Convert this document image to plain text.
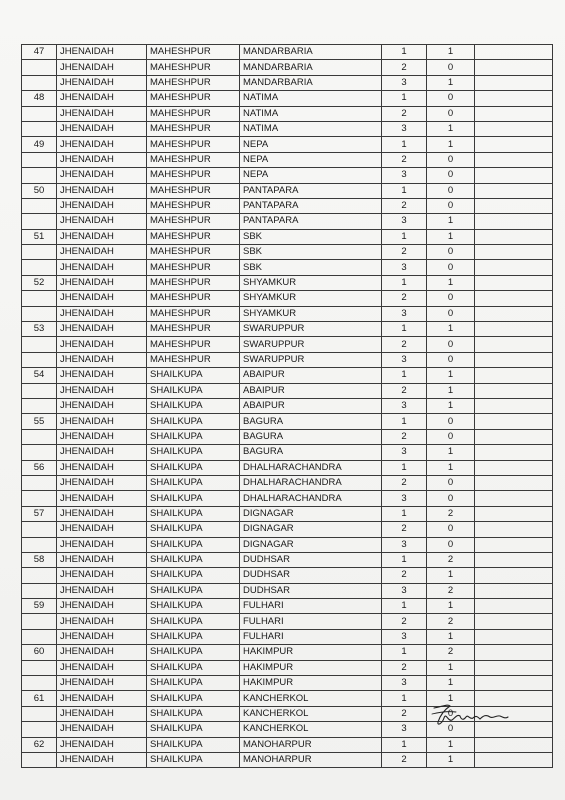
47	JHENAIDAH	MAHESHPUR	MANDARBARIA	1	1	
	JHENAIDAH	MAHESHPUR	MANDARBARIA	2	0	
	JHENAIDAH	MAHESHPUR	MANDARBARIA	3	1	
48	JHENAIDAH	MAHESHPUR	NATIMA	1	0	
	JHENAIDAH	MAHESHPUR	NATIMA	2	0	
	JHENAIDAH	MAHESHPUR	NATIMA	3	1	
49	JHENAIDAH	MAHESHPUR	NEPA	1	1	
	JHENAIDAH	MAHESHPUR	NEPA	2	0	
	JHENAIDAH	MAHESHPUR	NEPA	3	0	
50	JHENAIDAH	MAHESHPUR	PANTAPARA	1	0	
	JHENAIDAH	MAHESHPUR	PANTAPARA	2	0	
	JHENAIDAH	MAHESHPUR	PANTAPARA	3	1	
51	JHENAIDAH	MAHESHPUR	SBK	1	1	
	JHENAIDAH	MAHESHPUR	SBK	2	0	
	JHENAIDAH	MAHESHPUR	SBK	3	0	
52	JHENAIDAH	MAHESHPUR	SHYAMKUR	1	1	
	JHENAIDAH	MAHESHPUR	SHYAMKUR	2	0	
	JHENAIDAH	MAHESHPUR	SHYAMKUR	3	0	
53	JHENAIDAH	MAHESHPUR	SWARUPPUR	1	1	
	JHENAIDAH	MAHESHPUR	SWARUPPUR	2	0	
	JHENAIDAH	MAHESHPUR	SWARUPPUR	3	0	
54	JHENAIDAH	SHAILKUPA	ABAIPUR	1	1	
	JHENAIDAH	SHAILKUPA	ABAIPUR	2	1	
	JHENAIDAH	SHAILKUPA	ABAIPUR	3	1	
55	JHENAIDAH	SHAILKUPA	BAGURA	1	0	
	JHENAIDAH	SHAILKUPA	BAGURA	2	0	
	JHENAIDAH	SHAILKUPA	BAGURA	3	1	
56	JHENAIDAH	SHAILKUPA	DHALHARACHANDRA	1	1	
	JHENAIDAH	SHAILKUPA	DHALHARACHANDRA	2	0	
	JHENAIDAH	SHAILKUPA	DHALHARACHANDRA	3	0	
57	JHENAIDAH	SHAILKUPA	DIGNAGAR	1	2	
	JHENAIDAH	SHAILKUPA	DIGNAGAR	2	0	
	JHENAIDAH	SHAILKUPA	DIGNAGAR	3	0	
58	JHENAIDAH	SHAILKUPA	DUDHSAR	1	2	
	JHENAIDAH	SHAILKUPA	DUDHSAR	2	1	
	JHENAIDAH	SHAILKUPA	DUDHSAR	3	2	
59	JHENAIDAH	SHAILKUPA	FULHARI	1	1	
	JHENAIDAH	SHAILKUPA	FULHARI	2	2	
	JHENAIDAH	SHAILKUPA	FULHARI	3	1	
60	JHENAIDAH	SHAILKUPA	HAKIMPUR	1	2	
	JHENAIDAH	SHAILKUPA	HAKIMPUR	2	1	
	JHENAIDAH	SHAILKUPA	HAKIMPUR	3	1	
61	JHENAIDAH	SHAILKUPA	KANCHERKOL	1	1	
	JHENAIDAH	SHAILKUPA	KANCHERKOL	2	0	
	JHENAIDAH	SHAILKUPA	KANCHERKOL	3	0	
62	JHENAIDAH	SHAILKUPA	MANOHARPUR	1	1	
	JHENAIDAH	SHAILKUPA	MANOHARPUR	2	1	
